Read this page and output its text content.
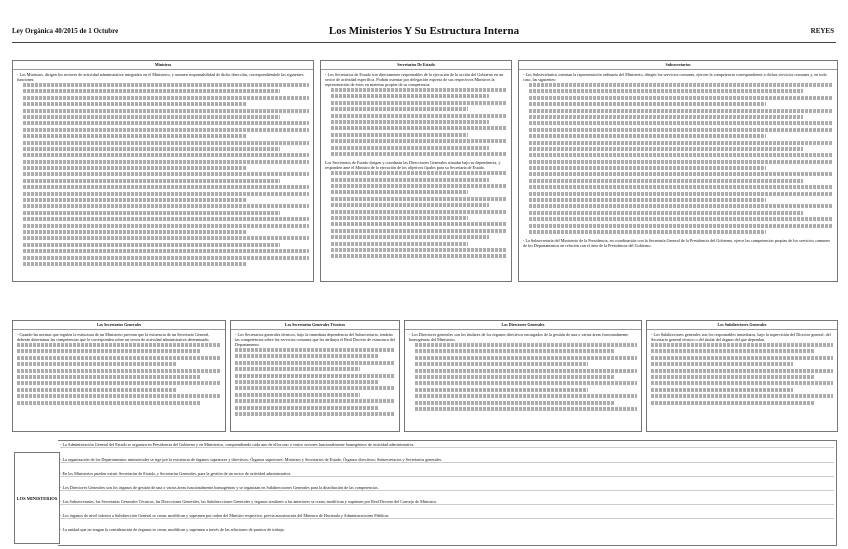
Ley Orgánica 40/2015 de 1 Octubre	Los Ministerios Y Su Estructura Interna	REYES
Ministros
- Los Ministros, dirigen los sectores de actividad administrativa integrados en el Ministerio, y asumen responsabilidad de dicho dirección, correspondiéndole las siguientes funciones:
Secretarios De Estado
- Los Secretarios de Estado son directamente responsables de la ejecución de la acción del Gobierno en un sector de actividad específica. Podrán ostentar por delegación expresa de sus respectivos Ministros la representación de éstos en materias propias de su competencia.
Los Secretarios de Estado dirigen y coordinan las Direcciones Generales situadas bajo su dependencia, y responden ante el Ministro de la ejecución de los objetivos fijados para su Secretaría de Estado.
Subsecretarios
- Los Subsecretarios ostentan la representación ordinaria del Ministerio, dirigen los servicios comunes, ejercen la competencia correspondiente a dichos servicios comunes y, en todo caso, las siguientes:
- La Subsecretaría del Ministerio de la Presidencia, en coordinación con la Secretaría General de la Presidencia del Gobierno, ejerce las competencias propias de los servicios comunes de los Departamentos en relación con el área de la Presidencia del Gobierno.
Los Secretarios Generales
- Cuando las normas que regulen la estructura de un Ministerio prevean que la existencia de un Secretario General, deberán determinar las competencias que le corresponden sobre un sector de actividad administrativa determinado.
Los Secretarios Generales Técnicos
- Los Secretarios generales técnicos, bajo la inmediata dependencia del Subsecretario, tendrán las competencias sobre los servicios comunes que les atribuya el Real Decreto de estructura del Departamento.
Los Directores Generales
- Los Directores generales son los titulares de los órganos directivos encargados de la gestión de una o varias áreas funcionalmente homogéneas del Ministerio.
Los Subdirectores Generales
- Los Subdirectores generales son los responsables inmediatos, bajo la supervisión del Director general, del Secretario general técnico o del titular del órgano del que dependan.
LOS MINISTERIOS
- La Administración General del Estado se organiza en Presidencia del Gobierno y en Ministerios, comprendiendo cada uno de ellos uno o varios sectores funcionalmente homogéneos de actividad administrativa.
- La organización de los Departamentos ministeriales se rige por la existencia de órganos superiores y directivos: Órganos superiores: Ministros y Secretarios de Estado. Órganos directivos: Subsecretarios y Secretarios generales.
- En los Ministerios pueden existir Secretarías de Estado, y Secretarías Generales, para la gestión de un sector de actividad administrativa.
- Los Directores Generales son los órganos de gestión de una o varias áreas funcionalmente homogéneas y se organizan en Subdirecciones Generales para la distribución de las competencias.
- Las Subsecretarías, las Secretarías Generales Técnicas, las Direcciones Generales, las Subdirecciones Generales y órganos similares a las anteriores se crean, modifican y suprimen por Real Decreto del Consejo de Ministros.
- Los órganos de nivel inferior a Subdirección General se crean, modifican y suprimen por orden del Ministro respectivo, previa autorización del Ministro de Hacienda y Administraciones Públicas.
- La unidad que no tengan la consideración de órganos se crean, modifican y suprimen a través de las relaciones de puestos de trabajo.
